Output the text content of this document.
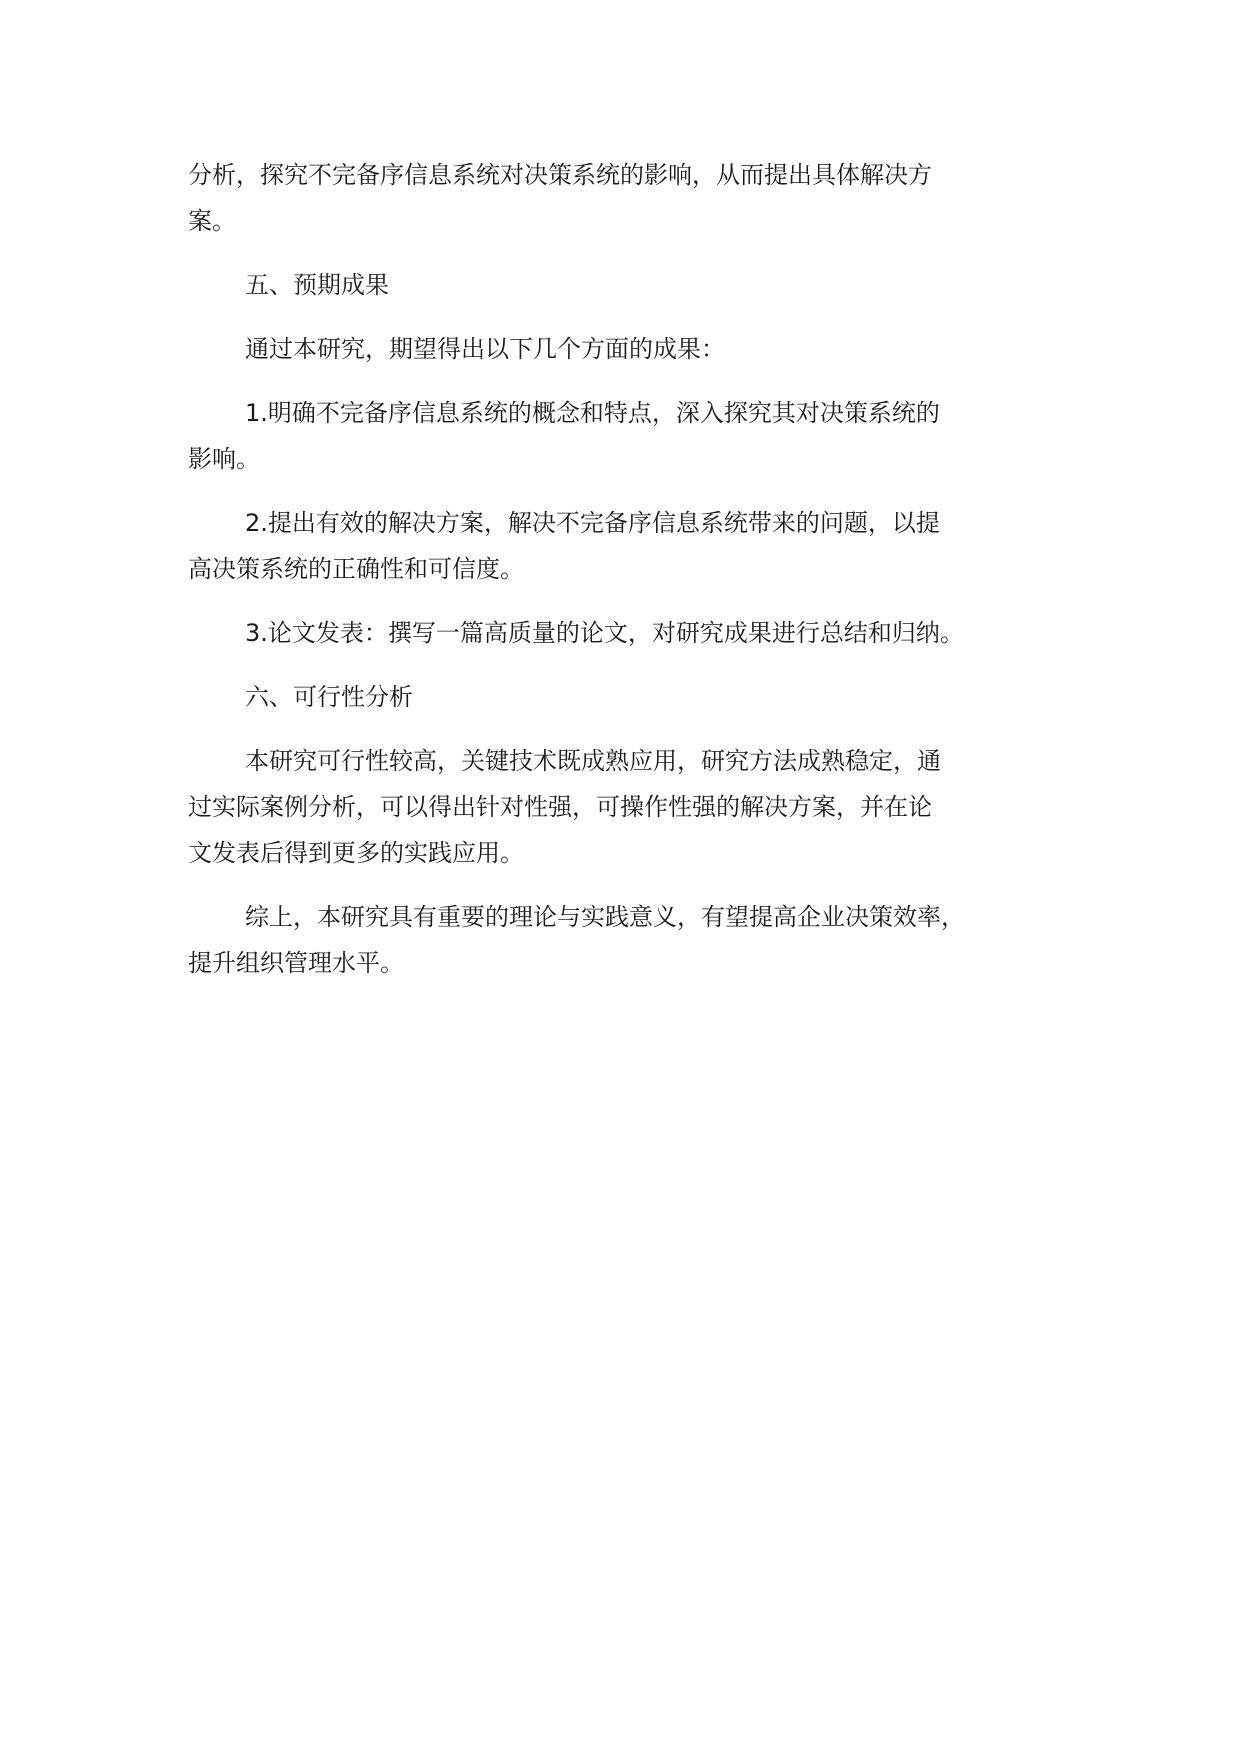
分析，探究不完备序信息系统对决策系统的影响，从而提出具体解决方
案。
五、预期成果
通过本研究，期望得出以下几个方面的成果：
1.明确不完备序信息系统的概念和特点，深入探究其对决策系统的
影响。
2.提出有效的解决方案，解决不完备序信息系统带来的问题，以提
高决策系统的正确性和可信度。
3.论文发表：撰写一篇高质量的论文，对研究成果进行总结和归纳。
六、可行性分析
本研究可行性较高，关键技术既成熟应用，研究方法成熟稳定，通
过实际案例分析，可以得出针对性强，可操作性强的解决方案，并在论
文发表后得到更多的实践应用。
综上，本研究具有重要的理论与实践意义，有望提高企业决策效率，
提升组织管理水平。
